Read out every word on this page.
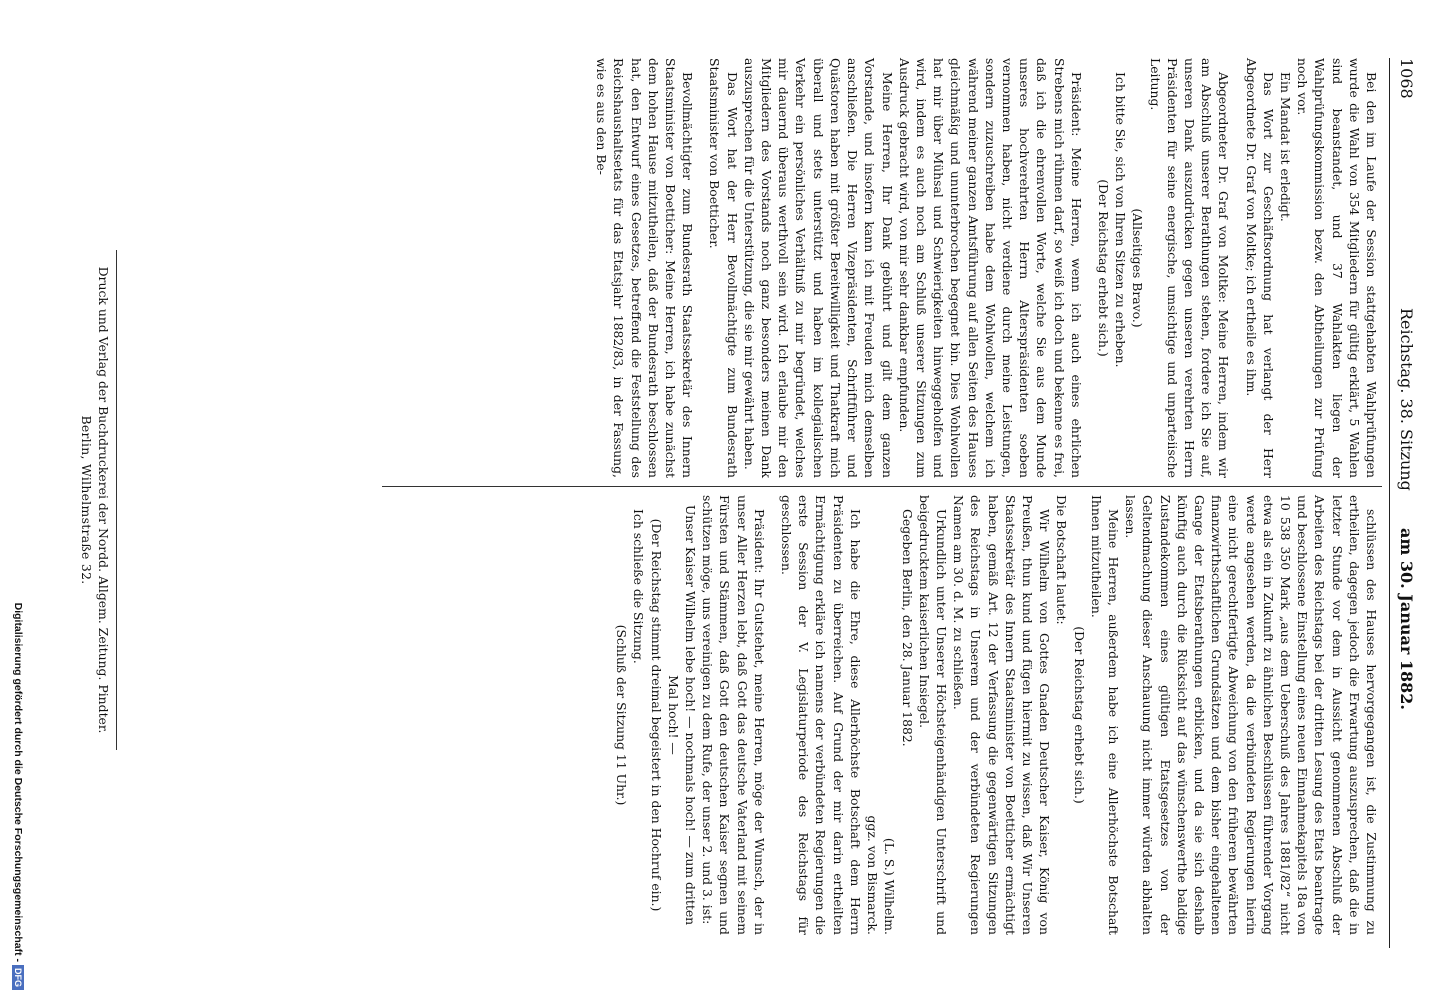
1068
Reichstag. 38. Sitzung
am 30. Januar 1882.

Bei den im Laufe der Session stattgehabten Wahlprüfungen wurde die Wahl von 354 Mitgliedern für gültig erklärt, 5 Wahlen sind beanstandet, und 37 Wahlakten liegen der Wahlprüfungskommission bezw. den Abtheilungen zur Prüfung noch vor.

Ein Mandat ist erledigt.

Das Wort zur Geschäftsordnung hat verlangt der Herr Abgeordnete Dr. Graf von Moltke; ich ertheile es ihm.

Abgeordneter Dr. Graf von Moltke: Meine Herren, indem wir am Abschluß unserer Berathungen stehen, fordere ich Sie auf, unseren Dank auszudrücken gegen unseren verehrten Herrn Präsidenten für seine energische, umsichtige und unparteiische Leitung.

(Allseitiges Bravo.)

Ich bitte Sie, sich von Ihren Sitzen zu erheben.

(Der Reichstag erhebt sich.)

Präsident: Meine Herren, wenn ich auch eines ehrlichen Strebens mich rühmen darf, so weiß ich doch und bekenne es frei, daß ich die ehrenvollen Worte, welche Sie aus dem Munde unseres hochverehrten Herrn Alterspräsidenten soeben vernommen haben, nicht verdiene durch meine Leistungen, sondern zuzuschreiben habe dem Wohlwollen, welchem ich während meiner ganzen Amtsführung auf allen Seiten des Hauses gleichmäßig und ununterbrochen begegnet bin. Dies Wohlwollen hat mir über Mühsal und Schwierigkeiten hinweggeholfen und wird, indem es auch noch am Schluß unserer Sitzungen zum Ausdruck gebracht wird, von mir sehr dankbar empfunden.

Meine Herren, Ihr Dank gebührt und gilt dem ganzen Vorstande, und insofern kann ich mit Freuden mich demselben anschließen. Die Herren Vizepräsidenten, Schriftführer und Quästoren haben mit größter Bereitwilligkeit und Thatkraft mich überall und stets unterstützt und haben im kollegialischen Verkehr ein persönliches Verhältniß zu mir begründet, welches mir dauernd überaus werthvoll sein wird. Ich erlaube mir den Mitgliedern des Vorstands noch ganz besonders meinen Dank auszusprechen für die Unterstützung, die sie mir gewährt haben.

Das Wort hat der Herr Bevollmächtigte zum Bundesrath Staatsminister von Boetticher.

Bevollmächtigter zum Bundesrath Staatssekretär des Innern Staatsminister von Boetticher: Meine Herren, ich habe zunächst dem hohen Hause mitzutheilen, daß der Bundesrath beschlossen hat, den Entwurf eines Gesetzes, betreffend die Feststellung des Reichshaushaltsetats für das Etatsjahr 1882/83, in der Fassung, wie es aus den Be-

schlüssen des Hauses hervorgegangen ist, die Zustimmung zu ertheilen, dagegen jedoch die Erwartung auszusprechen, daß die in letzter Stunde vor dem in Aussicht genommenen Abschluß der Arbeiten des Reichstags bei der dritten Lesung des Etats beantragte und beschlossene Einstellung eines neuen Einnahmekapitels 18a von 10 538 350 Mark „aus dem Ueberschuß des Jahres 1881/82“ nicht etwa als ein in Zukunft zu ähnlichen Beschlüssen führender Vorgang werde angesehen werden, da die verbündeten Regierungen hierin eine nicht gerechtfertigte Abweichung von den früheren bewährten finanzwirthschaftlichen Grundsätzen und dem bisher eingehaltenen Gange der Etatsberathungen erblicken, und da sie sich deshalb künftig auch durch die Rücksicht auf das wünschenswerthe baldige Zustandekommen eines gültigen Etatsgesetzes von der Geltendmachung dieser Anschauung nicht immer würden abhalten lassen.

Meine Herren, außerdem habe ich eine Allerhöchste Botschaft Ihnen mitzutheilen.

(Der Reichstag erhebt sich.)

Die Botschaft lautet:

Wir Wilhelm von Gottes Gnaden Deutscher Kaiser, König von Preußen, thun kund und fügen hiermit zu wissen, daß Wir Unseren Staatssekretär des Innern Staatsminister von Boetticher ermächtigt haben, gemäß Art. 12 der Verfassung die gegenwärtigen Sitzungen des Reichstags in Unserem und der verbündeten Regierungen Namen am 30. d. M. zu schließen.

Urkundlich unter Unserer Höchsteigenhändigen Unterschrift und beigedrucktem kaiserlichen Insiegel.

Gegeben Berlin, den 28. Januar 1882.

(L. S.) Wilhelm.

ggz. von Bismarck.

Ich habe die Ehre, diese Allerhöchste Botschaft dem Herrn Präsidenten zu überreichen. Auf Grund der mir darin ertheilten Ermächtigung erkläre ich namens der verbündeten Regierungen die erste Session der V. Legislaturperiode des Reichstags für geschlossen.

Präsident: Ihr Gutstehet, meine Herren, möge der Wunsch, der in unser Aller Herzen lebt, daß Gott das deutsche Vaterland mit seinem Fürsten und Stämmen, daß Gott den deutschen Kaiser segnen und schützen möge, uns vereinigen zu dem Rufe, der unser 2. und 3. ist:

Unser Kaiser Wilhelm lebe hoch! — nochmals hoch! — zum dritten Mal hoch! —

(Der Reichstag stimmt dreimal begeistert in den Hochruf ein.)

Ich schließe die Sitzung.

(Schluß der Sitzung 11 Uhr.)

Druck und Verlag der Buchdruckerei der Nordd. Allgem. Zeitung. Pindter.
Berlin, Wilhelmstraße 32.
Digitalisierung gefördert durch die Deutsche Forschungsgemeinschaft -
DFG
